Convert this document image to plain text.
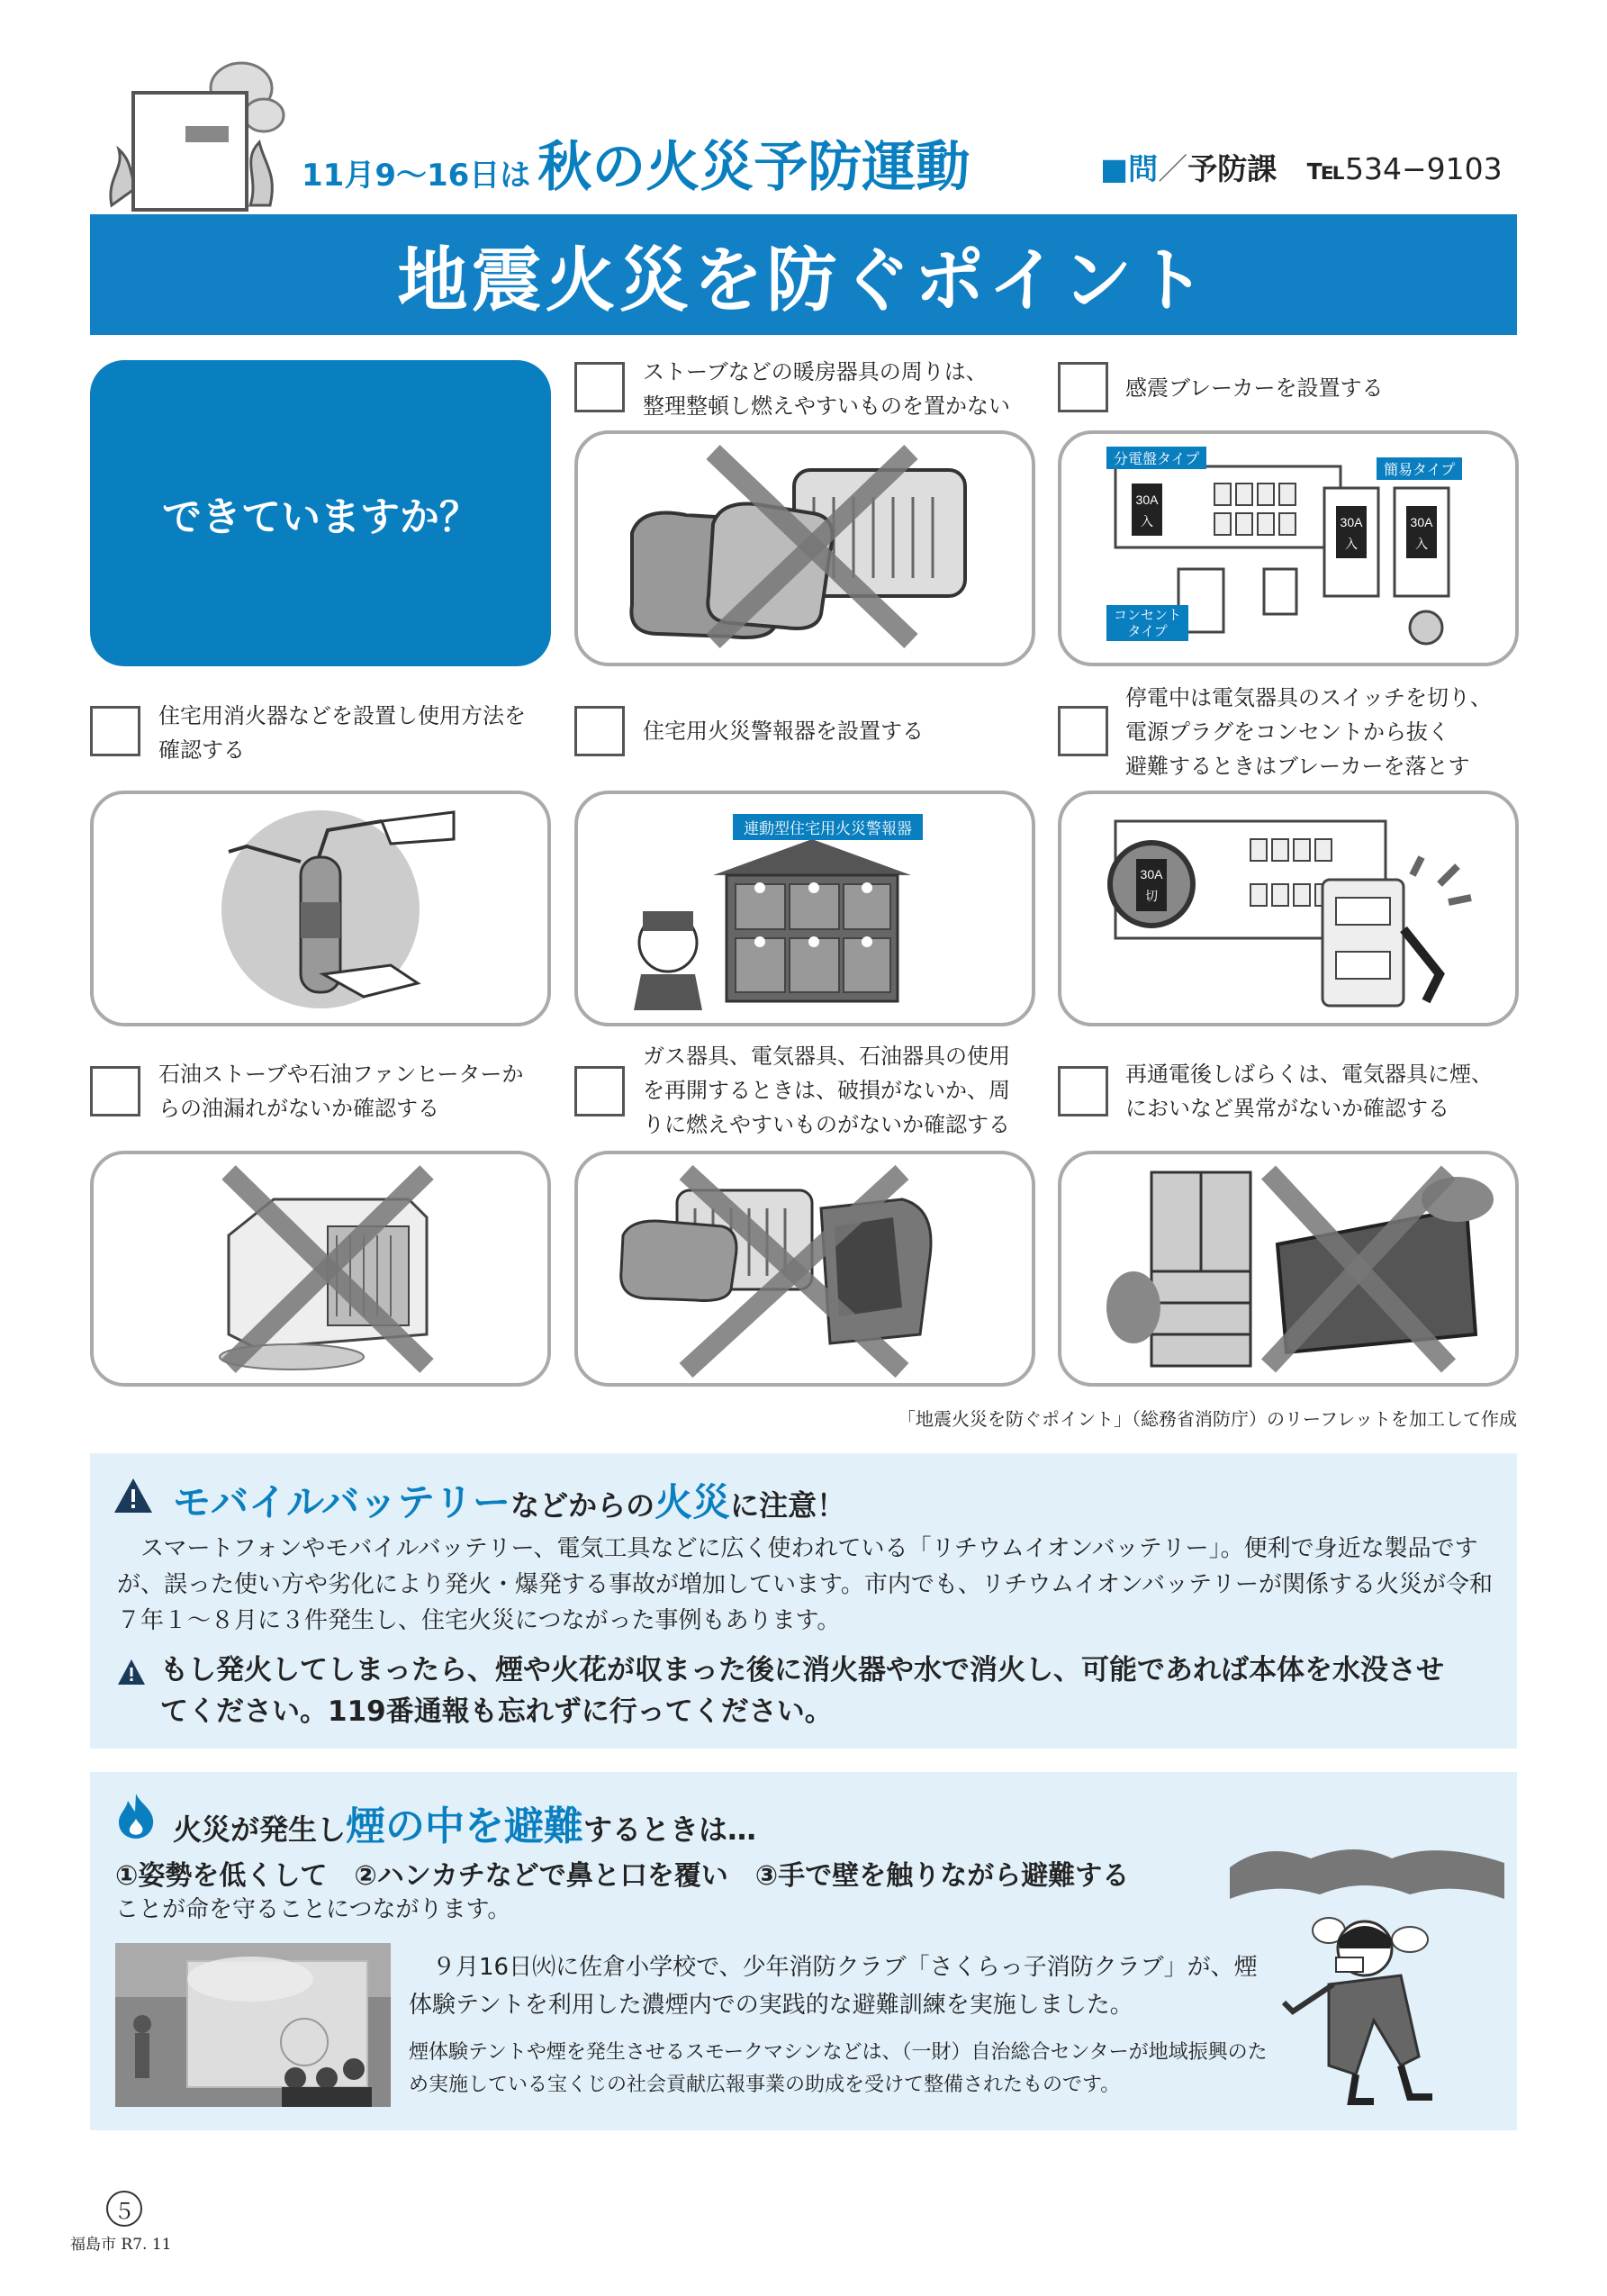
11月9〜16日は 秋の火災予防運動	■問／予防課 ℡534−9103
地震火災を防ぐポイント
できていますか？
ストーブなどの暖房器具の周りは、
整理整頓し燃えやすいものを置かない
感震ブレーカーを設置する
30A
入	30A
入
30A
入
分電盤タイプ
簡易タイプ
コンセント
タイプ
住宅用消火器などを設置し使用方法を
確認する
住宅用火災警報器を設置する
停電中は電気器具のスイッチを切り、
電源プラグをコンセントから抜く
避難するときはブレーカーを落とす
連動型住宅用火災警報器
30A
切
石油ストーブや石油ファンヒーターか
らの油漏れがないか確認する
ガス器具、電気器具、石油器具の使用
を再開するときは、破損がないか、周
りに燃えやすいものがないか確認する
再通電後しばらくは、電気器具に煙、
においなど異常がないか確認する
「地震火災を防ぐポイント」（総務省消防庁）のリーフレットを加工して作成
モバイルバッテリーなどからの火災に注意！
　スマートフォンやモバイルバッテリー、電気工具などに広く使われている「リチウムイオンバッテリー」。便利で身近な製品ですが、誤った使い方や劣化により発火・爆発する事故が増加しています。市内でも、リチウムイオンバッテリーが関係する火災が令和７年１〜８月に３件発生し、住宅火災につながった事例もあります。
もし発火してしまったら、煙や火花が収まった後に消火器や水で消火し、可能であれば本体を水没させ
てください。119番通報も忘れずに行ってください。
火災が発生し煙の中を避難するときは…
①姿勢を低くして　②ハンカチなどで鼻と口を覆い　③手で壁を触りながら避難する
ことが命を守ることにつながります。
　９月16日㈫に佐倉小学校で、少年消防クラブ「さくらっ子消防クラブ」が、煙体験テントを利用した濃煙内での実践的な避難訓練を実施しました。
煙体験テントや煙を発生させるスモークマシンなどは、（一財）自治総合センターが地域振興のため実施している宝くじの社会貢献広報事業の助成を受けて整備されたものです。
５
福島市 R7. 11
